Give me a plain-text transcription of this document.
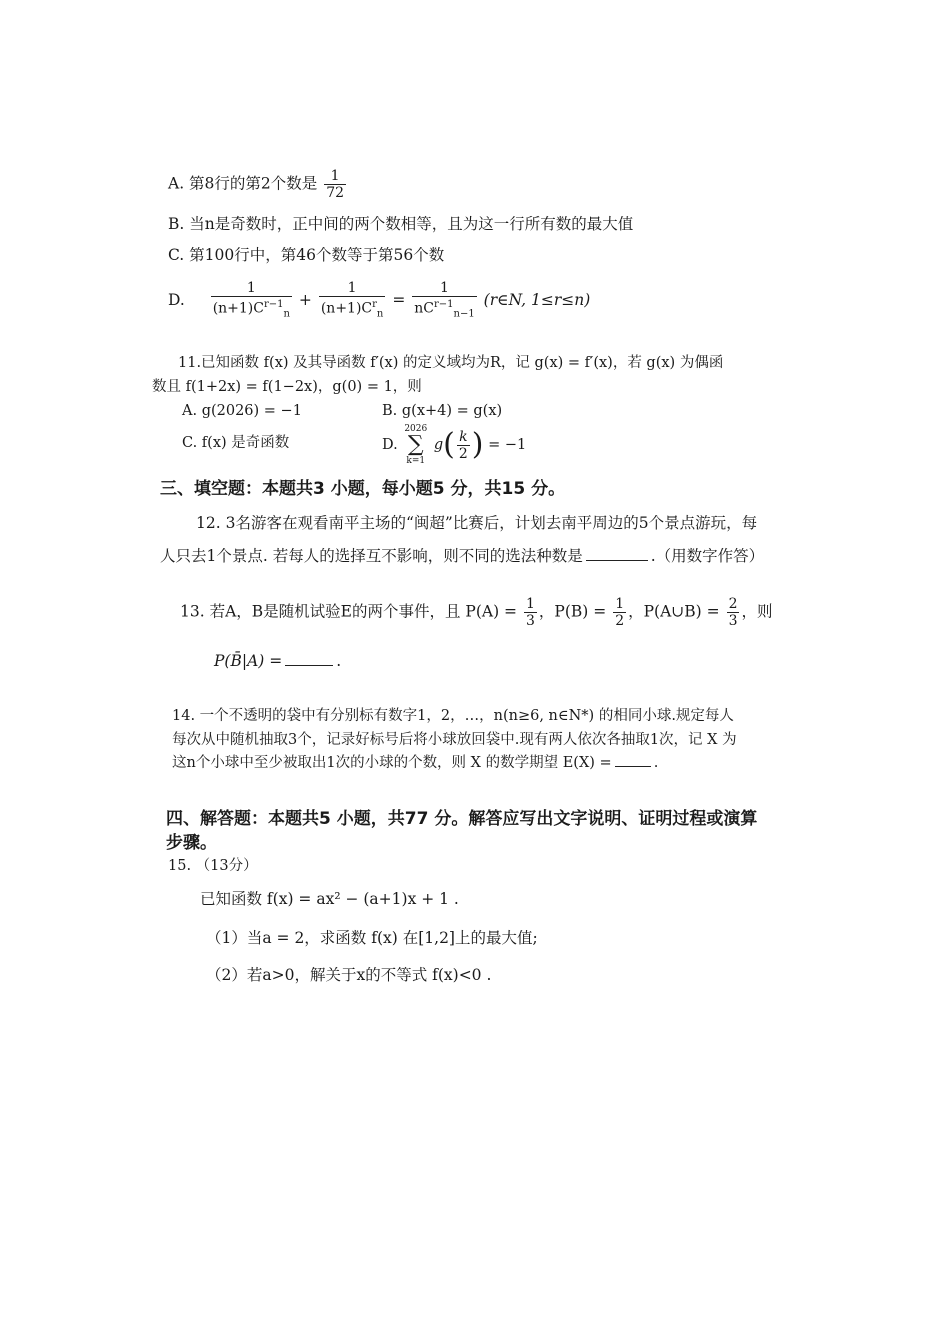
A. 第8行的第2个数是 $\frac{1}{72}$
B. 当n是奇数时，正中间的两个数相等，且为这一行所有数的最大值
C. 第100行中，第46个数等于第56个数
D. $\frac{1}{(n+1)C^{r-1}_n} + \frac{1}{(n+1)C^r_n} = \frac{1}{nC^{r-1}_{n-1}}$ (r∈N, 1≤r≤n)
11.已知函数 f(x) 及其导函数 f′(x) 的定义域均为R，记 g(x) = f′(x)，若 g(x) 为偶函
数且 f(1+2x) = f(1−2x)，g(0) = 1，则
A. g(2026) = −1	B. g(x+4) = g(x)
C. f(x) 是奇函数	D.
2026
∑
k=1
$g( \frac{k}{2}$ ) = −1
三、填空题：本题共3 小题，每小题5 分，共15 分。
12. 3名游客在观看南平主场的“闽超”比赛后，计划去南平周边的5个景点游玩，每
人只去1个景点. 若每人的选择互不影响，则不同的选法种数是	.（用数字作答）
13. 若A，B是随机试验E的两个事件，且 $P(A) = \frac{1}{3}$ ，$P(B) = \frac{1}{2}$ ，P(A∪B) = $\frac{2}{3}$ ，则
P(B̄|A) =	.
14. 一个不透明的袋中有分别标有数字1，2，…，n(n≥6, n∈N*) 的相同小球.规定每人
每次从中随机抽取3个，记录好标号后将小球放回袋中.现有两人依次各抽取1次，记 X 为
这n个小球中至少被取出1次的小球的个数，则 X 的数学期望 E(X) =	.
四、解答题：本题共5 小题，共77 分。解答应写出文字说明、证明过程或演算
步骤。
15. （13分）
已知函数 f(x) = ax² − (a+1)x + 1 .
（1）当a = 2，求函数 f(x) 在[1,2]上的最大值;
（2）若a>0，解关于x的不等式 f(x)<0 .
